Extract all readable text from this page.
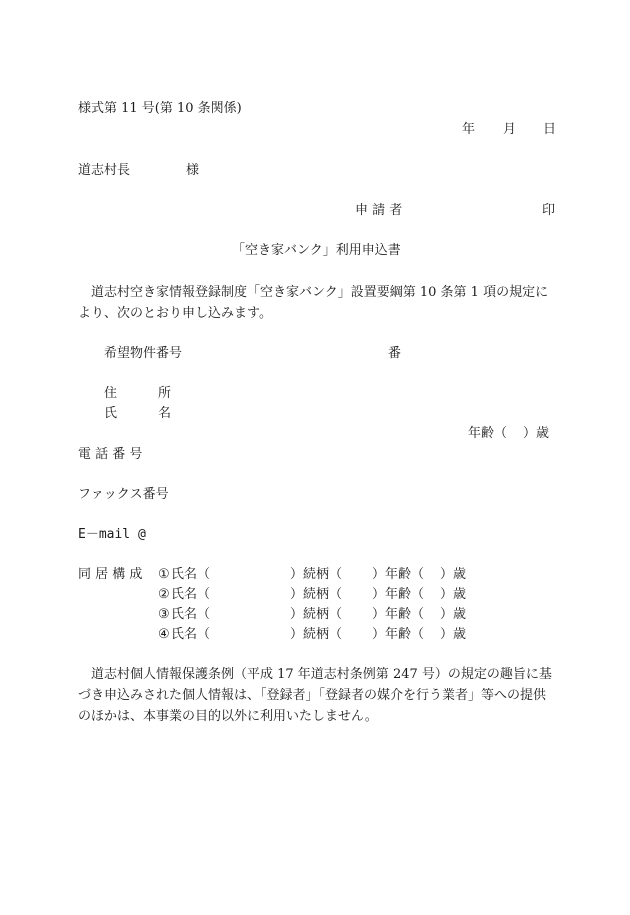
様式第 11 号(第 10 条関係)
年 月 日
道志村長	様
申 請 者	印
「空き家バンク」利用申込書
道志村空き家情報登録制度「空き家バンク」設置要綱第 10 条第 1 項の規定により、次のとおり申し込みます。
希望物件番号	番
住	所
氏	名
年齢（ ）歳
電 話 番 号
ファックス番号
E－mail @
同 居 構 成 ① 氏名（	）続柄（ ）年齢（ ）歳
② 氏名（	）続柄（ ）年齢（ ）歳
③ 氏名（	）続柄（ ）年齢（ ）歳
④ 氏名（	）続柄（ ）年齢（ ）歳
道志村個人情報保護条例（平成 17 年道志村条例第 247 号）の規定の趣旨に基づき申込みされた個人情報は、「登録者」「登録者の媒介を行う業者」等への提供のほかは、本事業の目的以外に利用いたしません。
